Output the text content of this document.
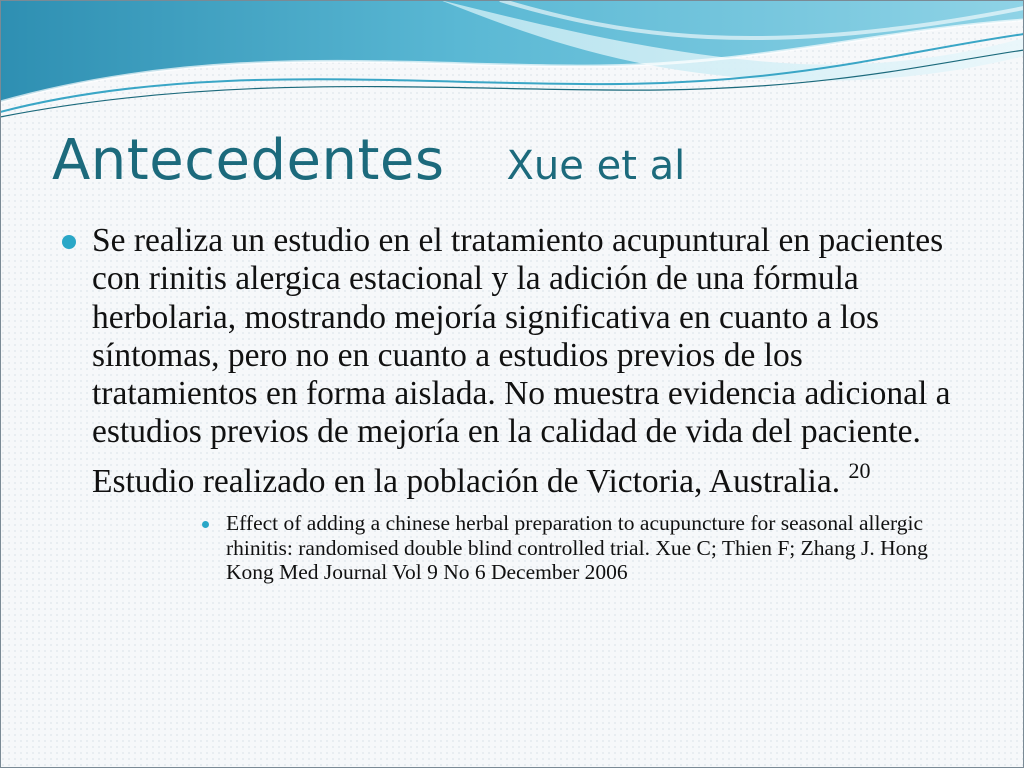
Antecedentes Xue et al
Se realiza un estudio en el tratamiento acupuntural en pacientes con rinitis alergica estacional y la adición de una fórmula herbolaria, mostrando mejoría significativa en cuanto a los síntomas, pero no en cuanto a estudios previos de los tratamientos en forma aislada. No muestra evidencia adicional a estudios previos de mejoría en la calidad de vida del paciente. Estudio realizado en la población de Victoria, Australia. $^{20}$
Effect of adding a chinese herbal preparation to acupuncture for seasonal allergic rhinitis: randomised double blind controlled trial. Xue C; Thien F; Zhang J. Hong Kong Med Journal Vol 9 No 6 December 2006
